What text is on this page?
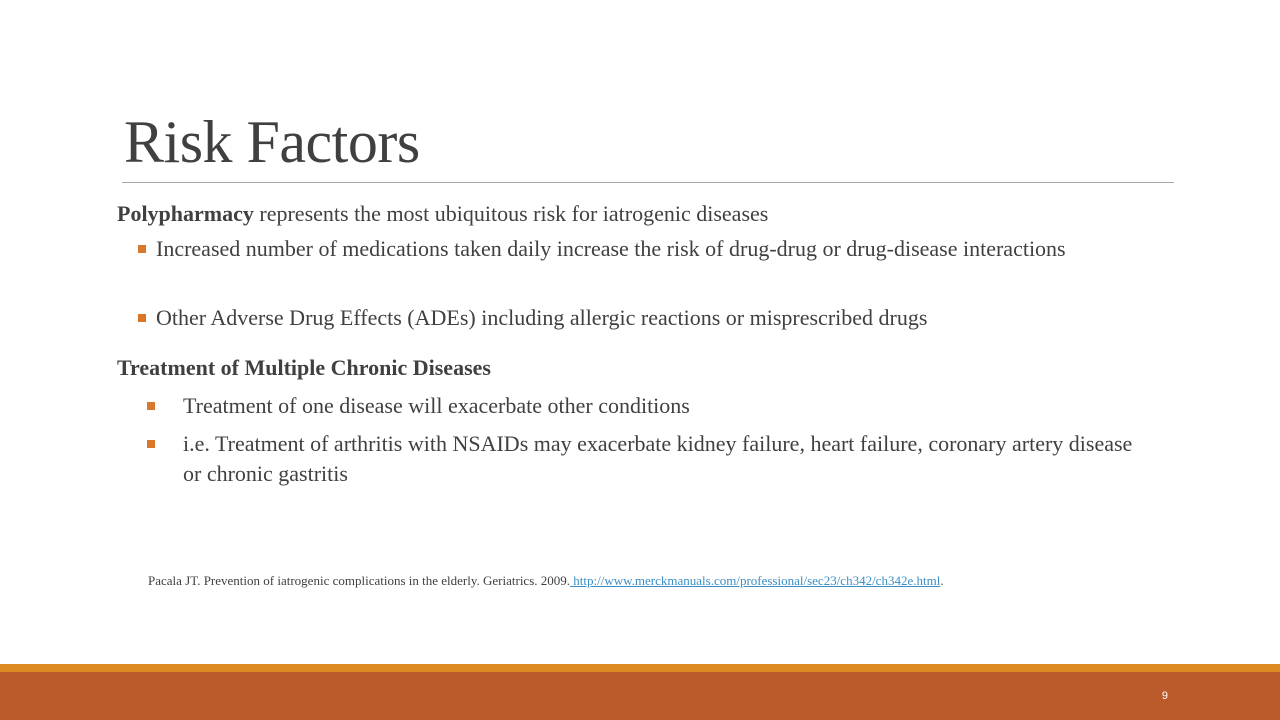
Risk Factors
Polypharmacy represents the most ubiquitous risk for iatrogenic diseases
Increased number of medications taken daily increase the risk of drug-drug or drug-disease interactions
Other Adverse Drug Effects (ADEs) including allergic reactions or misprescribed drugs
Treatment of Multiple Chronic Diseases
Treatment of one disease will exacerbate other conditions
i.e. Treatment of arthritis with NSAIDs may exacerbate kidney failure, heart failure, coronary artery disease or chronic gastritis
Pacala JT. Prevention of iatrogenic complications in the elderly. Geriatrics. 2009. http://www.merckmanuals.com/professional/sec23/ch342/ch342e.html.
9
